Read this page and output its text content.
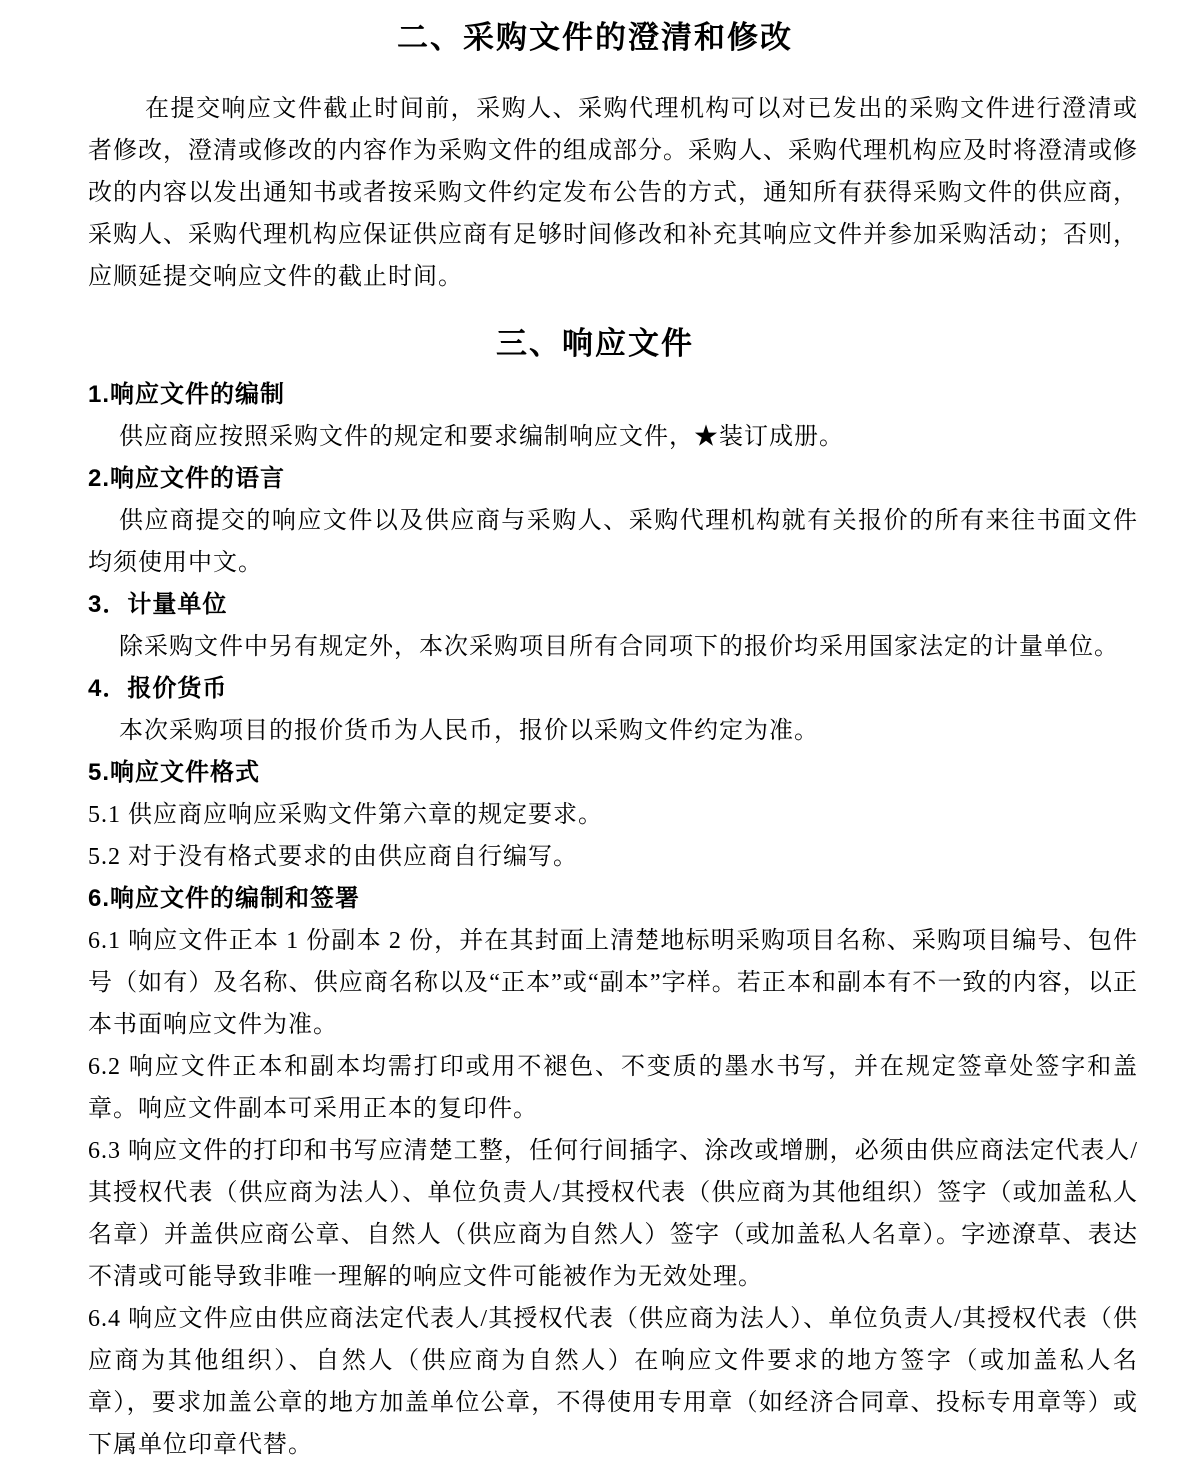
二、采购文件的澄清和修改

在提交响应文件截止时间前，采购人、采购代理机构可以对已发出的采购文件进行澄清或者修改，澄清或修改的内容作为采购文件的组成部分。采购人、采购代理机构应及时将澄清或修改的内容以发出通知书或者按采购文件约定发布公告的方式，通知所有获得采购文件的供应商，采购人、采购代理机构应保证供应商有足够时间修改和补充其响应文件并参加采购活动；否则，应顺延提交响应文件的截止时间。

三、响应文件
1.响应文件的编制

供应商应按照采购文件的规定和要求编制响应文件，★装订成册。

2.响应文件的语言

供应商提交的响应文件以及供应商与采购人、采购代理机构就有关报价的所有来往书面文件均须使用中文。

3．计量单位

除采购文件中另有规定外，本次采购项目所有合同项下的报价均采用国家法定的计量单位。

4．报价货币

本次采购项目的报价货币为人民币，报价以采购文件约定为准。

5.响应文件格式

5.1 供应商应响应采购文件第六章的规定要求。

5.2 对于没有格式要求的由供应商自行编写。

6.响应文件的编制和签署

6.1 响应文件正本 1 份副本 2 份，并在其封面上清楚地标明采购项目名称、采购项目编号、包件号（如有）及名称、供应商名称以及“正本”或“副本”字样。若正本和副本有不一致的内容，以正本书面响应文件为准。

6.2 响应文件正本和副本均需打印或用不褪色、不变质的墨水书写，并在规定签章处签字和盖章。响应文件副本可采用正本的复印件。

6.3 响应文件的打印和书写应清楚工整，任何行间插字、涂改或增删，必须由供应商法定代表人/其授权代表（供应商为法人）、单位负责人/其授权代表（供应商为其他组织）签字（或加盖私人名章）并盖供应商公章、自然人（供应商为自然人）签字（或加盖私人名章）。字迹潦草、表达不清或可能导致非唯一理解的响应文件可能被作为无效处理。

6.4 响应文件应由供应商法定代表人/其授权代表（供应商为法人）、单位负责人/其授权代表（供应商为其他组织）、自然人（供应商为自然人）在响应文件要求的地方签字（或加盖私人名章），要求加盖公章的地方加盖单位公章，不得使用专用章（如经济合同章、投标专用章等）或下属单位印章代替。
